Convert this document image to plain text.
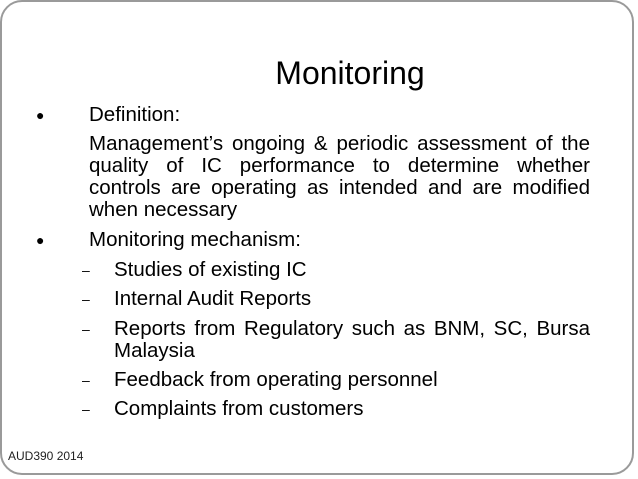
Monitoring
● Definition:
Management’s ongoing & periodic assessment of the
quality of IC performance to determine whether
controls are operating as intended and are modified
when necessary
● Monitoring mechanism:
– Studies of existing IC
– Internal Audit Reports
– Reports from Regulatory such as BNM, SC, Bursa
Malaysia
– Feedback from operating personnel
– Complaints from customers
AUD390 2014
